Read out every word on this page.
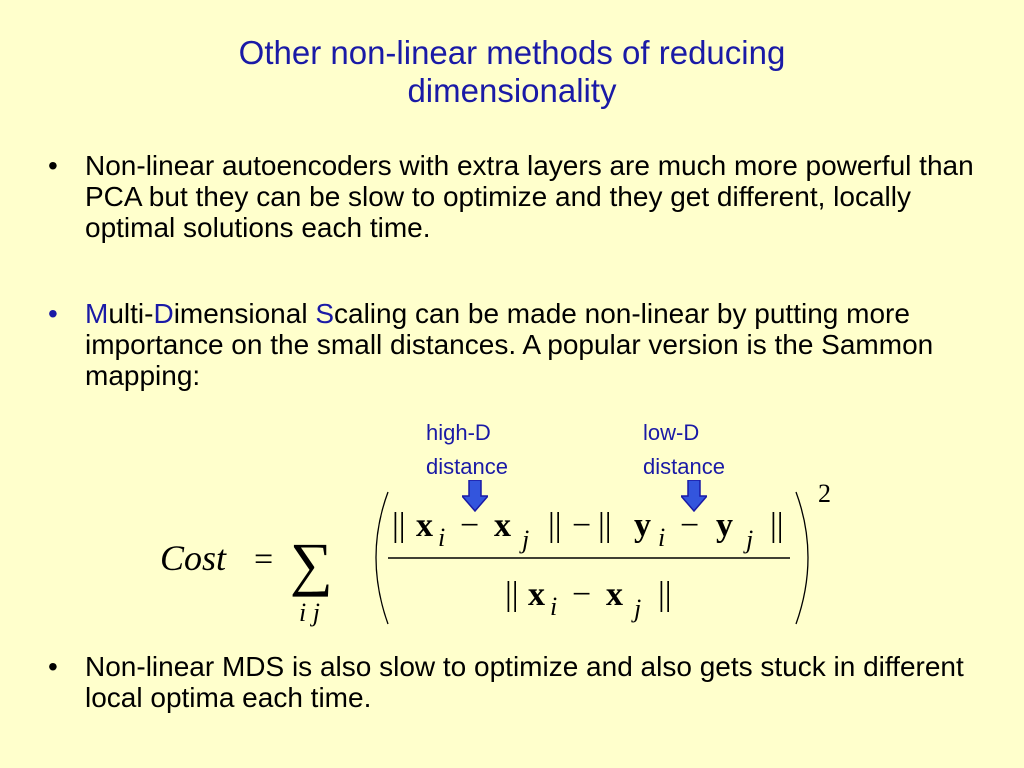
Other non-linear methods of reducing
dimensionality
• Non-linear autoencoders with extra layers are much more powerful than PCA but they can be slow to optimize and they get different, locally optimal solutions each time.
• Multi-Dimensional Scaling can be made non-linear by putting more importance on the small distances. A popular version is the Sammon mapping:
high-D
distance
low-D
distance
Cost = ∑
i j
2
|| x i − x j || − || y i − y j ||
|| x i − x j ||
• Non-linear MDS is also slow to optimize and also gets stuck in different local optima each time.
